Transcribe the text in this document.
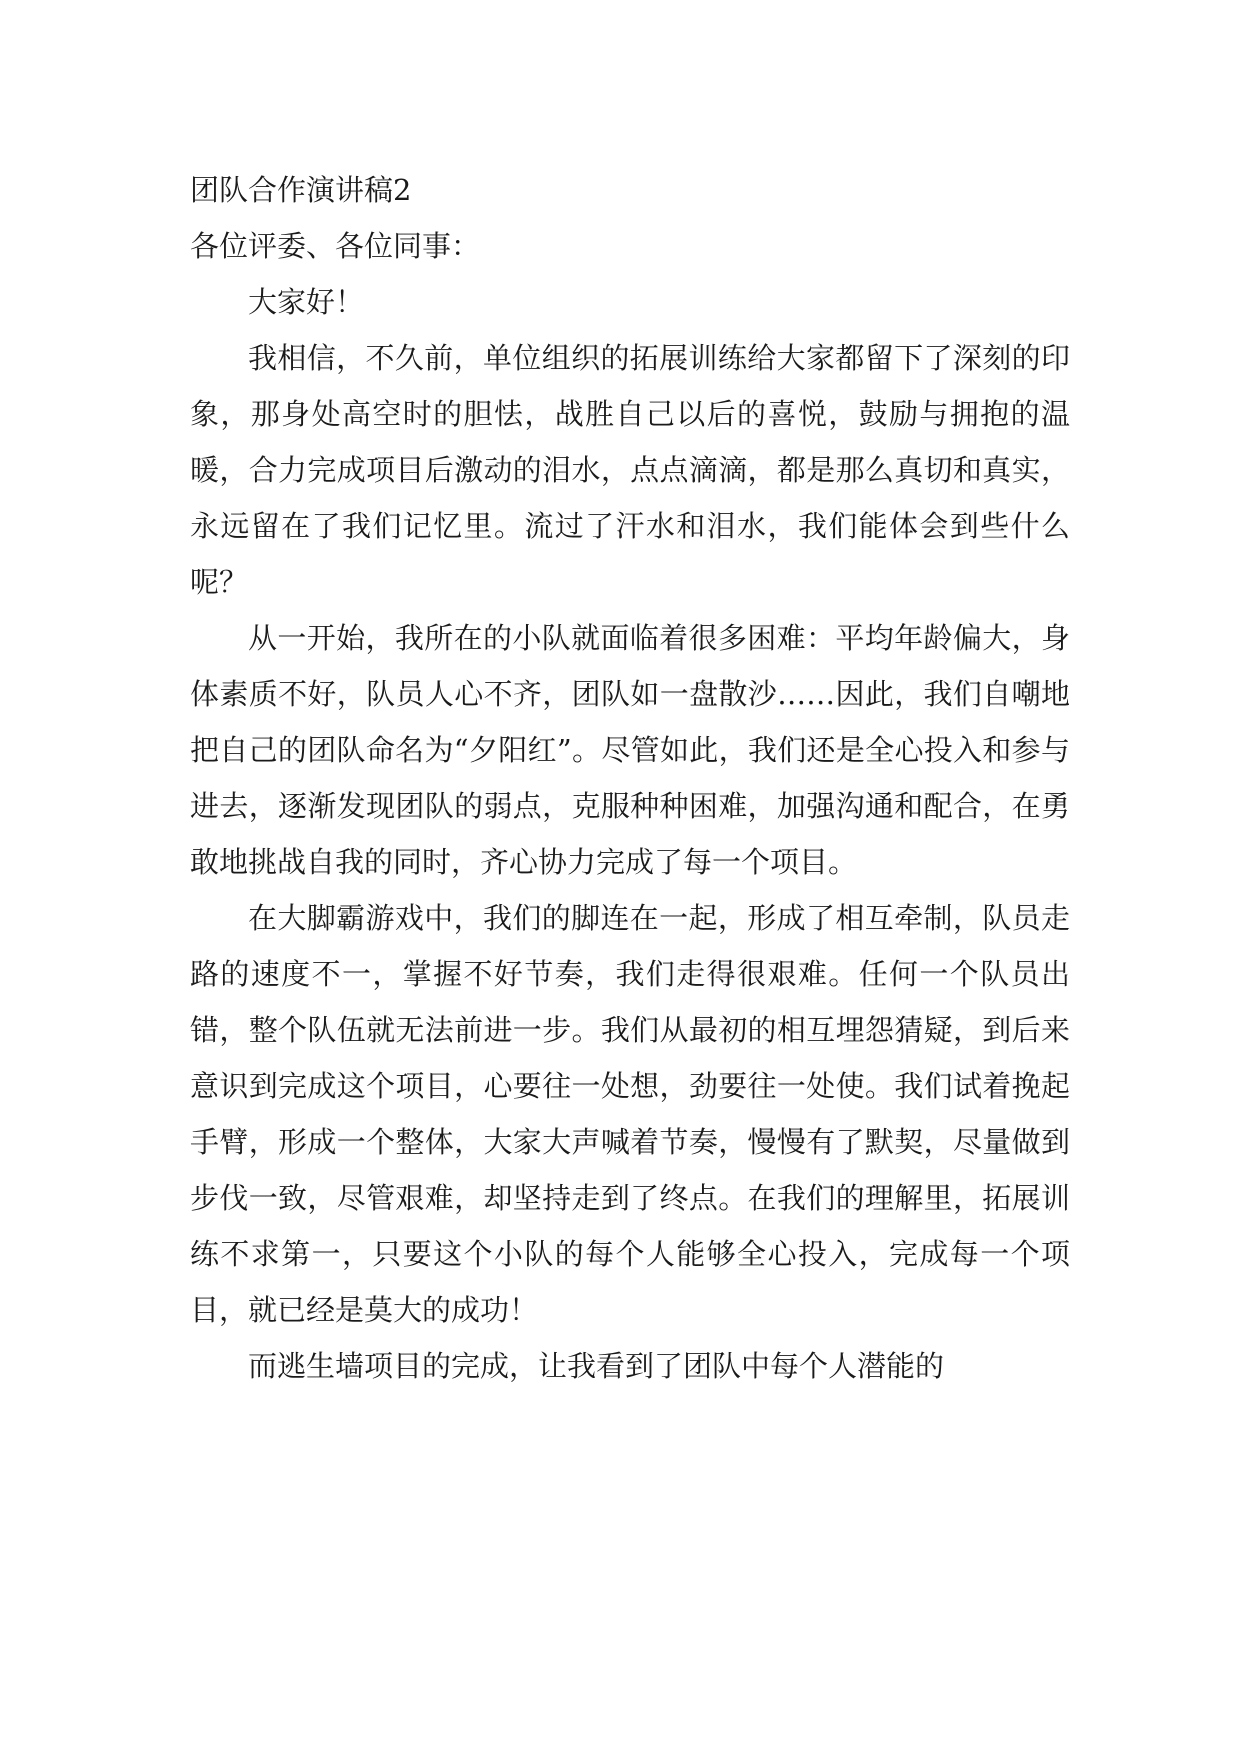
团队合作演讲稿2

各位评委、各位同事：

大家好！

我相信，不久前，单位组织的拓展训练给大家都留下了深刻的印象，那身处高空时的胆怯，战胜自己以后的喜悦，鼓励与拥抱的温暖，合力完成项目后激动的泪水，点点滴滴，都是那么真切和真实，永远留在了我们记忆里。流过了汗水和泪水，我们能体会到些什么呢？

从一开始，我所在的小队就面临着很多困难：平均年龄偏大，身体素质不好，队员人心不齐，团队如一盘散沙……因此，我们自嘲地把自己的团队命名为“夕阳红”。尽管如此，我们还是全心投入和参与进去，逐渐发现团队的弱点，克服种种困难，加强沟通和配合，在勇敢地挑战自我的同时，齐心协力完成了每一个项目。

在大脚霸游戏中，我们的脚连在一起，形成了相互牵制，队员走路的速度不一，掌握不好节奏，我们走得很艰难。任何一个队员出错，整个队伍就无法前进一步。我们从最初的相互埋怨猜疑，到后来意识到完成这个项目，心要往一处想，劲要往一处使。我们试着挽起手臂，形成一个整体，大家大声喊着节奏，慢慢有了默契，尽量做到步伐一致，尽管艰难，却坚持走到了终点。在我们的理解里，拓展训练不求第一，只要这个小队的每个人能够全心投入，完成每一个项目，就已经是莫大的成功！

而逃生墙项目的完成，让我看到了团队中每个人潜能的
